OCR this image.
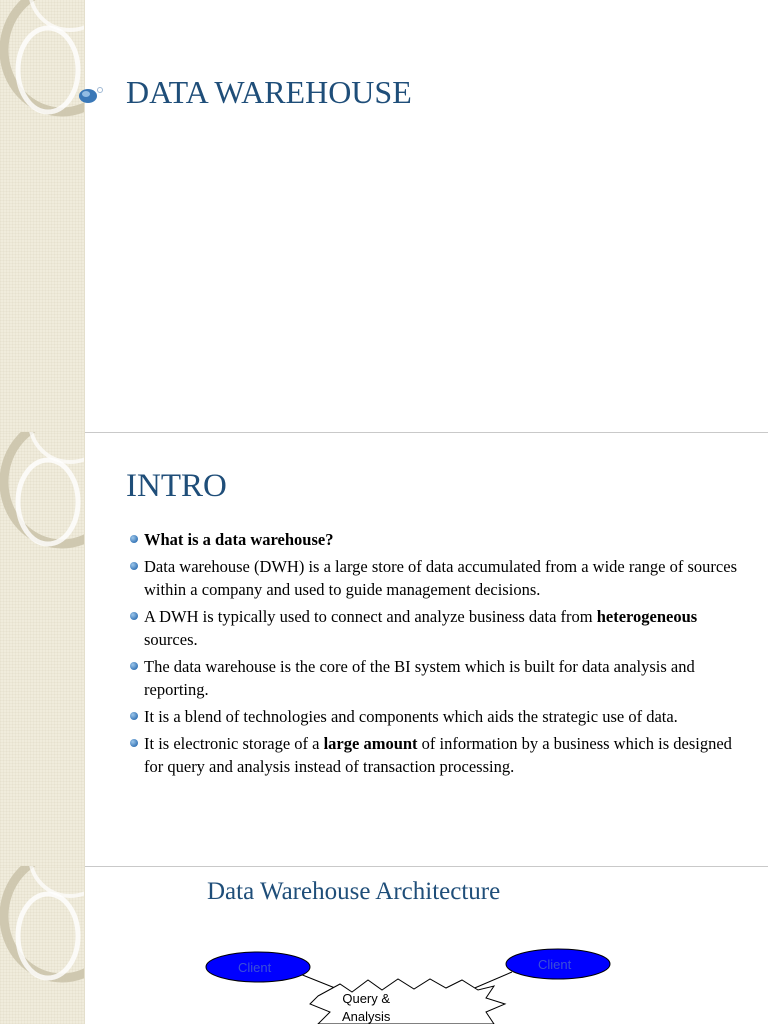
DATA WAREHOUSE
INTRO
What is a data warehouse?
Data warehouse (DWH) is a large store of data accumulated from a wide range of sources within a company and used to guide management decisions.
A DWH is typically used to connect and analyze business data from heterogeneous sources.
The data warehouse is the core of the BI system which is built for data analysis and reporting.
It is a blend of technologies and components which aids the strategic use of data.
It is electronic storage of a large amount of information by a business which is designed for query and analysis instead of transaction processing.
Data Warehouse Architecture
Client	Client
Query &
Analysis
